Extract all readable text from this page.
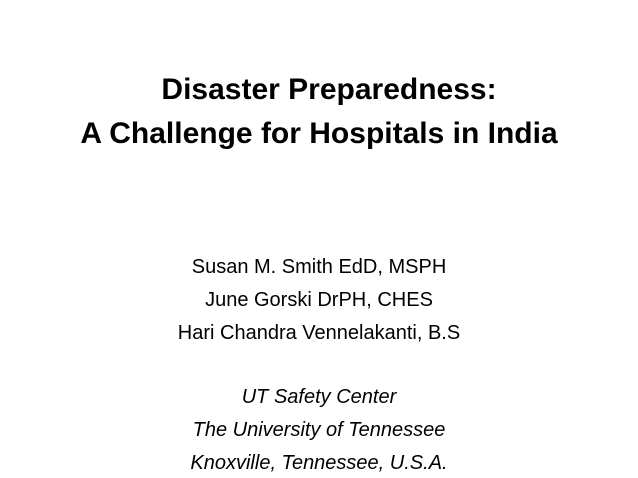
Disaster Preparedness:
A Challenge for Hospitals in India
Susan M. Smith EdD, MSPH
June Gorski DrPH, CHES
Hari Chandra Vennelakanti, B.S
UT Safety Center
The University of Tennessee
Knoxville, Tennessee, U.S.A.
